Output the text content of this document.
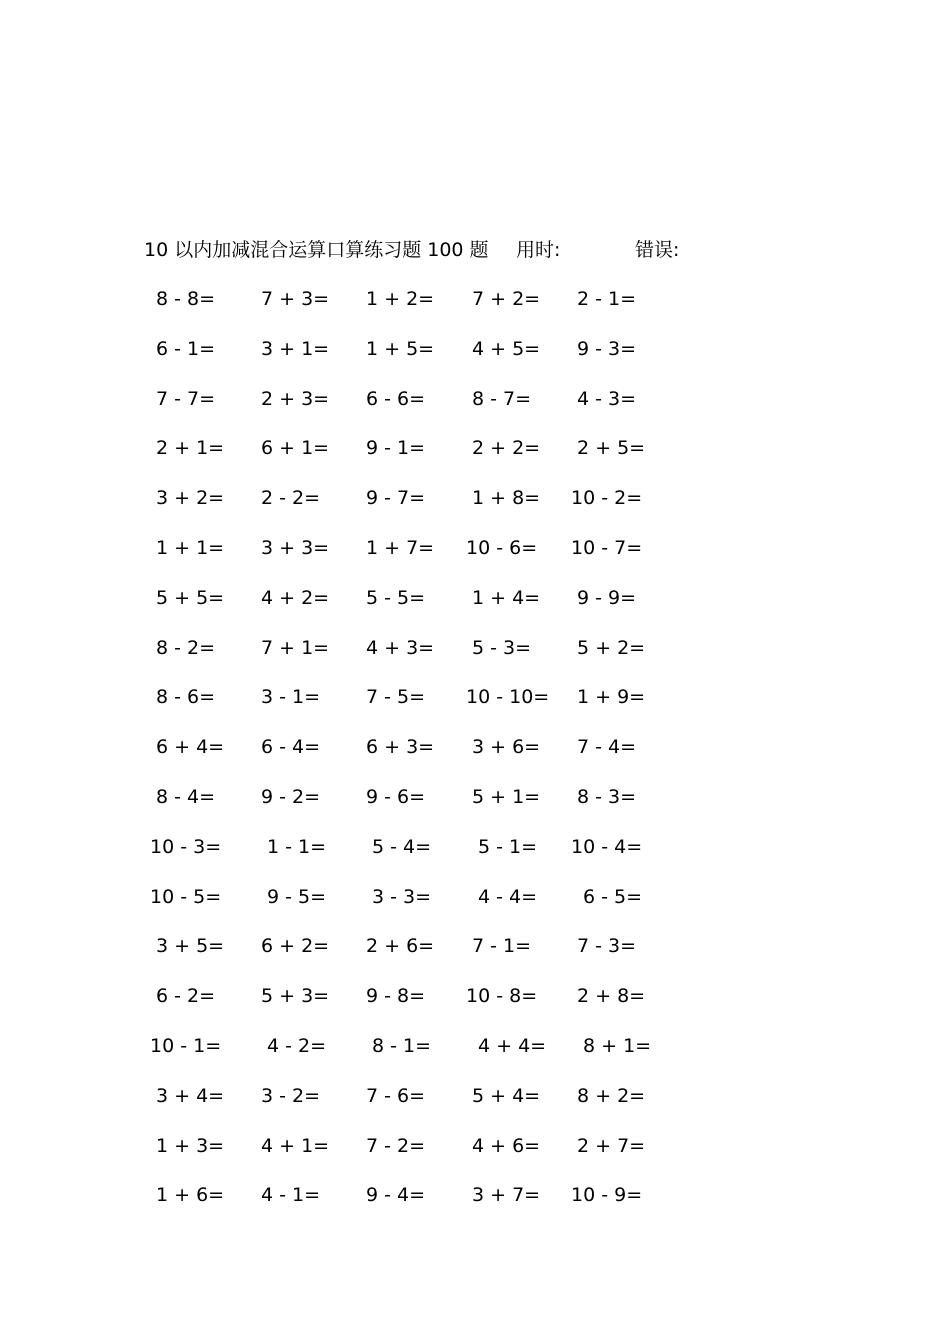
10 以内加减混合运算口算练习题 100 题 用时:	错误:
8 - 8= 7 + 3= 1 + 2= 7 + 2= 2 - 1=
6 - 1= 3 + 1= 1 + 5= 4 + 5= 9 - 3=
7 - 7= 2 + 3= 6 - 6= 8 - 7= 4 - 3=
2 + 1= 6 + 1= 9 - 1= 2 + 2= 2 + 5=
3 + 2= 2 - 2= 9 - 7= 1 + 8= 10 - 2=
1 + 1= 3 + 3= 1 + 7= 10 - 6= 10 - 7=
5 + 5= 4 + 2= 5 - 5= 1 + 4= 9 - 9=
8 - 2= 7 + 1= 4 + 3= 5 - 3= 5 + 2=
8 - 6= 3 - 1= 7 - 5= 10 - 10= 1 + 9=
6 + 4= 6 - 4= 6 + 3= 3 + 6= 7 - 4=
8 - 4= 9 - 2= 9 - 6= 5 + 1= 8 - 3=
10 - 3= 1 - 1= 5 - 4= 5 - 1= 10 - 4=
10 - 5= 9 - 5= 3 - 3= 4 - 4= 6 - 5=
3 + 5= 6 + 2= 2 + 6= 7 - 1= 7 - 3=
6 - 2= 5 + 3= 9 - 8= 10 - 8= 2 + 8=
10 - 1= 4 - 2= 8 - 1= 4 + 4= 8 + 1=
3 + 4= 3 - 2= 7 - 6= 5 + 4= 8 + 2=
1 + 3= 4 + 1= 7 - 2= 4 + 6= 2 + 7=
1 + 6= 4 - 1= 9 - 4= 3 + 7= 10 - 9=
